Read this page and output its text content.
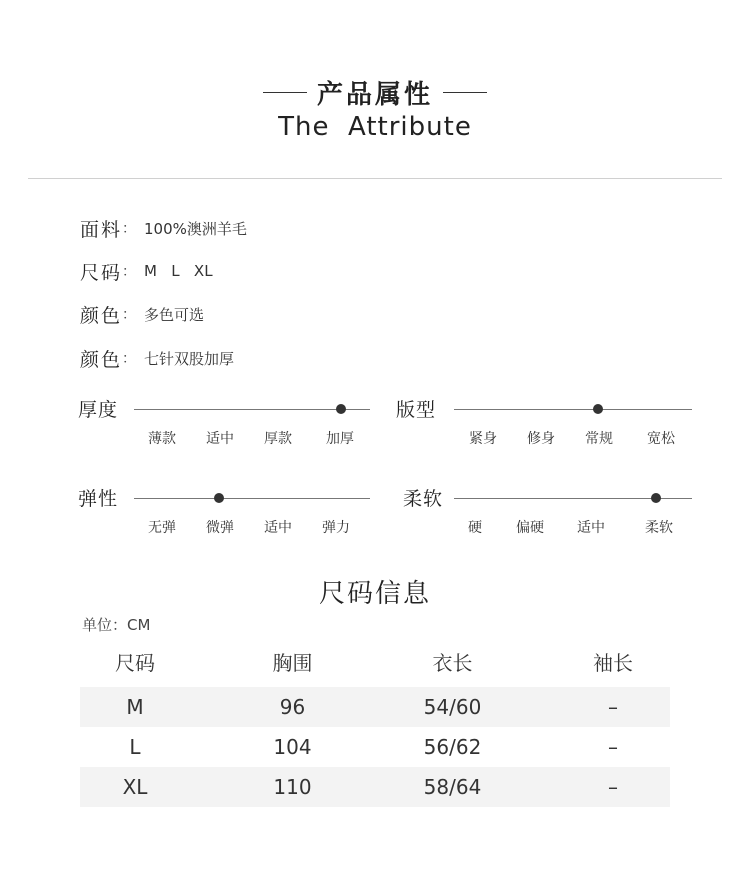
产品属性
The  Attribute
面料 ： 100%澳洲羊毛
尺码 ： M   L   XL
颜色 ： 多色可选
颜色 ： 七针双股加厚
厚度
薄款	适中	厚款	加厚
版型
紧身	修身	常规	宽松
弹性
无弹	微弹	适中	弹力
柔软
硬	偏硬	适中	柔软
尺码信息
单位：CM
尺码	胸围	衣长	袖长
M	96	54/60	–
L	104	56/62	–
XL	110	58/64	–
